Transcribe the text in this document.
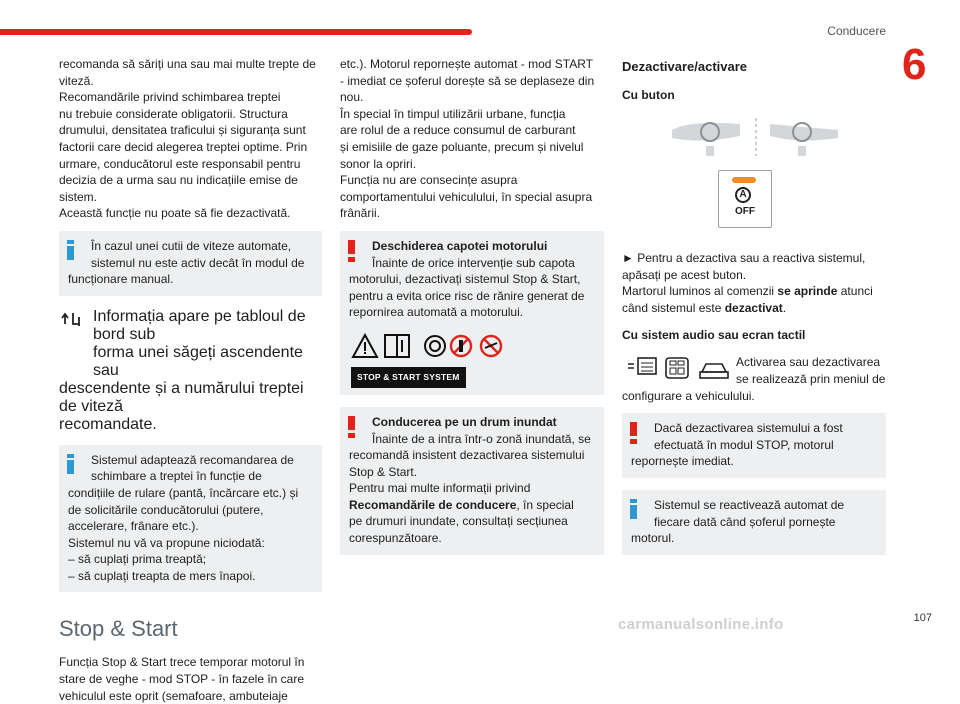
Conducere
6

recomanda să săriți una sau mai multe trepte de
viteză.
Recomandările privind schimbarea treptei
nu trebuie considerate obligatorii. Structura
drumului, densitatea traficului și siguranța sunt
factorii care decid alegerea treptei optime. Prin
urmare, conducătorul este responsabil pentru
decizia de a urma sau nu indicațiile emise de
sistem.
Această funcție nu poate să fie dezactivată.

În cazul unei cutii de viteze automate,
sistemul nu este activ decât în modul de
funcționare manual.
Informația apare pe tabloul de bord sub
forma unei săgeți ascendente sau
descendente și a numărului treptei de viteză
recomandate.
Sistemul adaptează recomandarea de
schimbare a treptei în funcție de
condițiile de rulare (pantă, încărcare etc.) și
de solicitările conducătorului (putere,
accelerare, frânare etc.).
Sistemul nu vă va propune niciodată:
– să cuplați prima treaptă;
– să cuplați treapta de mers înapoi.
Stop & Start

Funcția Stop & Start trece temporar motorul în
stare de veghe - mod STOP - în fazele în care
vehiculul este oprit (semafoare, ambuteiaje

etc.). Motorul repornește automat - mod START
- imediat ce șoferul dorește să se deplaseze din
nou.
În special în timpul utilizării urbane, funcția
are rolul de a reduce consumul de carburant
și emisiile de gaze poluante, precum și nivelul
sonor la opriri.
Funcția nu are consecințe asupra
comportamentului vehiculului, în special asupra
frânării.

Deschiderea capotei motorului
Înainte de orice intervenție sub capota
motorului, dezactivați sistemul Stop & Start,
pentru a evita orice risc de rănire generat de
repornirea automată a motorului.
STOP & START SYSTEM
Conducerea pe un drum inundat
Înainte de a intra într-o zonă inundată, se
recomandă insistent dezactivarea sistemului
Stop & Start.
Pentru mai multe informații privind
Recomandările de conducere, în special
pe drumuri inundate, consultați secțiunea
corespunzătoare.
Dezactivare/activare
Cu buton
A
OFF

► Pentru a dezactiva sau a reactiva sistemul,
apăsați pe acest buton.
Martorul luminos al comenzii se aprinde atunci
când sistemul este dezactivat.

Cu sistem audio sau ecran tactil
Activarea sau dezactivarea
se realizează prin meniul de
configurare a vehiculului.
Dacă dezactivarea sistemului a fost
efectuată în modul STOP, motorul
repornește imediat.
Sistemul se reactivează automat de
fiecare dată când șoferul pornește
motorul.
carmanualsonline.info	107
